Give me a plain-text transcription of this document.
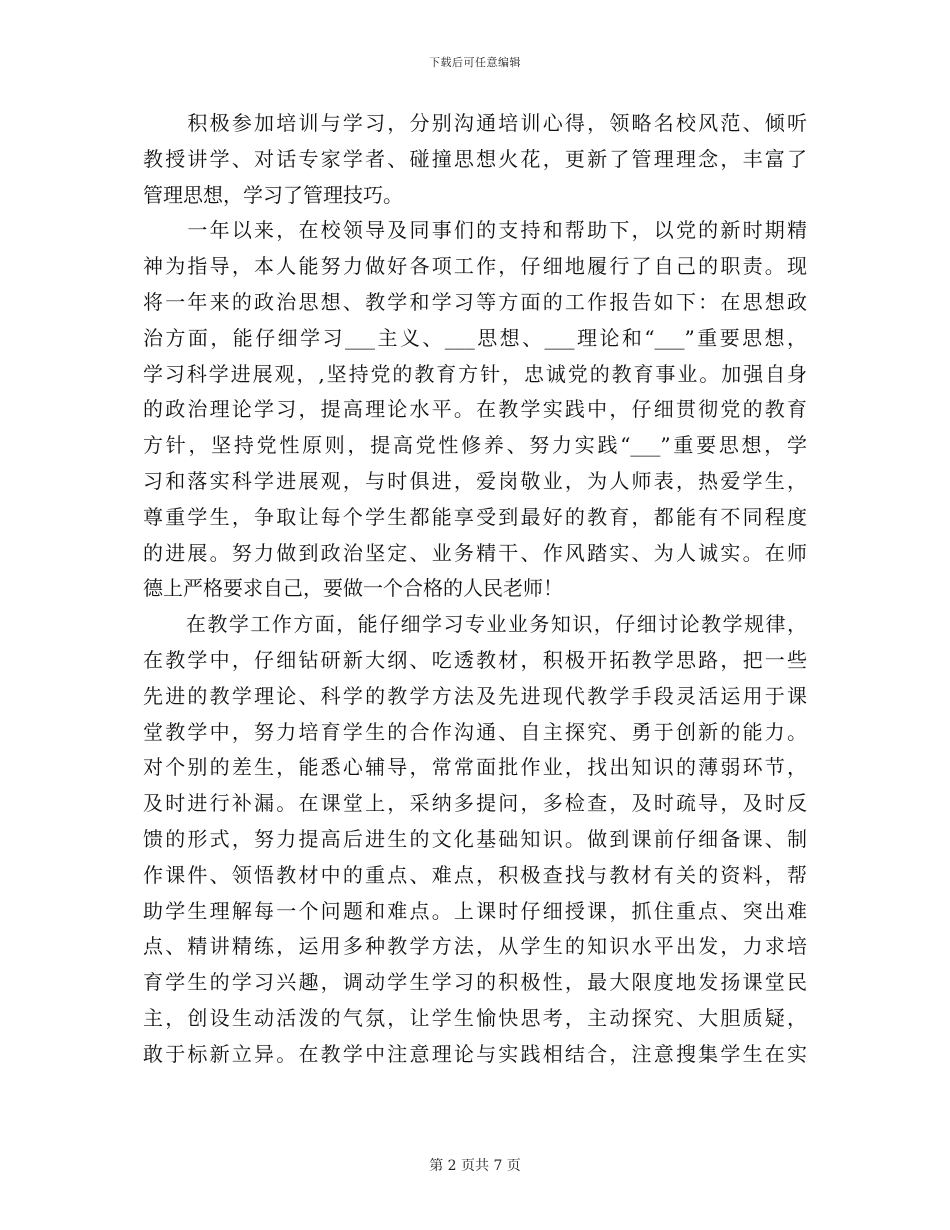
下载后可任意编辑
　　积极参加培训与学习，分别沟通培训心得，领略名校风范、倾听
教授讲学、对话专家学者、碰撞思想火花，更新了管理理念，丰富了
管理思想，学习了管理技巧。
　　一年以来，在校领导及同事们的支持和帮助下，以党的新时期精
神为指导，本人能努力做好各项工作，仔细地履行了自己的职责。现
将一年来的政治思想、教学和学习等方面的工作报告如下：在思想政
治方面，能仔细学习___主义、___思想、___理论和“___”重要思想，
学习科学进展观，,坚持党的教育方针，忠诚党的教育事业。加强自身
的政治理论学习，提高理论水平。在教学实践中，仔细贯彻党的教育
方针，坚持党性原则，提高党性修养、努力实践“___”重要思想，学
习和落实科学进展观，与时俱进，爱岗敬业，为人师表，热爱学生，
尊重学生，争取让每个学生都能享受到最好的教育，都能有不同程度
的进展。努力做到政治坚定、业务精干、作风踏实、为人诚实。在师
德上严格要求自己，要做一个合格的人民老师！
　　在教学工作方面，能仔细学习专业业务知识，仔细讨论教学规律，
在教学中，仔细钻研新大纲、吃透教材，积极开拓教学思路，把一些
先进的教学理论、科学的教学方法及先进现代教学手段灵活运用于课
堂教学中，努力培育学生的合作沟通、自主探究、勇于创新的能力。
对个别的差生，能悉心辅导，常常面批作业，找出知识的薄弱环节，
及时进行补漏。在课堂上，采纳多提问，多检查，及时疏导，及时反
馈的形式，努力提高后进生的文化基础知识。做到课前仔细备课、制
作课件、领悟教材中的重点、难点，积极查找与教材有关的资料，帮
助学生理解每一个问题和难点。上课时仔细授课，抓住重点、突出难
点、精讲精练，运用多种教学方法，从学生的知识水平出发，力求培
育学生的学习兴趣，调动学生学习的积极性，最大限度地发扬课堂民
主，创设生动活泼的气氛，让学生愉快思考，主动探究、大胆质疑，
敢于标新立异。在教学中注意理论与实践相结合，注意搜集学生在实
第 2 页共 7 页
